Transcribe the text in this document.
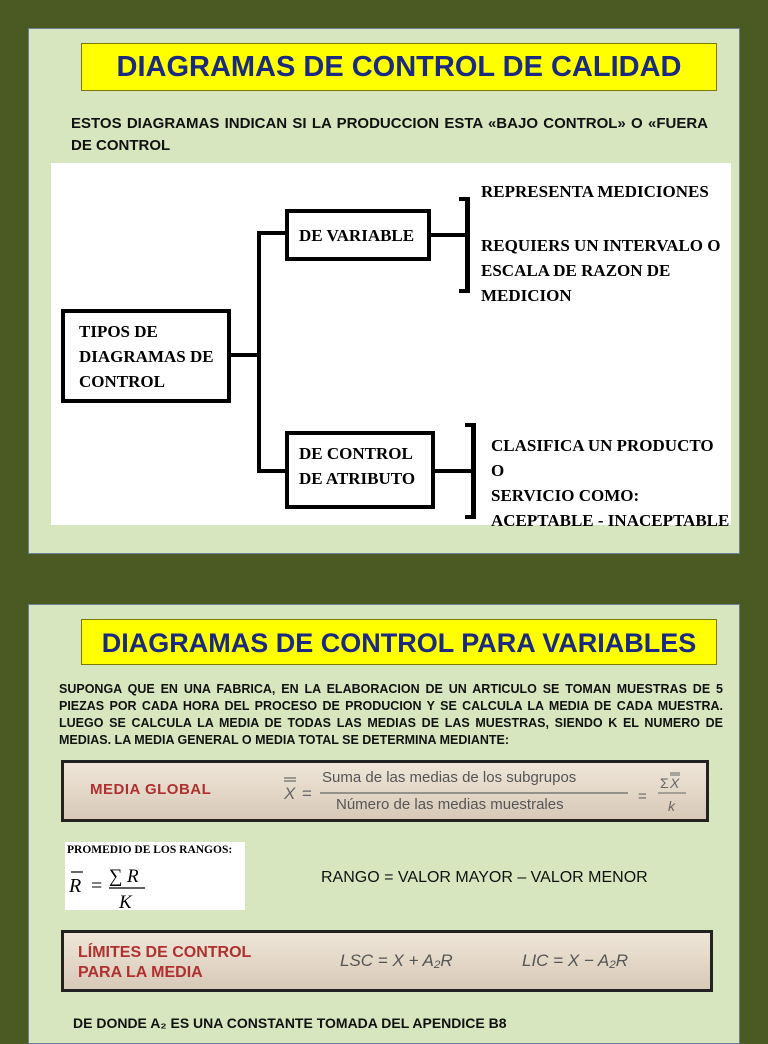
DIAGRAMAS DE CONTROL DE CALIDAD
ESTOS DIAGRAMAS INDICAN SI LA PRODUCCION ESTA «BAJO CONTROL» O «FUERA DE CONTROL
TIPOS DE
DIAGRAMAS DE
CONTROL
DE VARIABLE
REPRESENTA MEDICIONES
REQUIERS UN INTERVALO O
ESCALA DE RAZON DE
MEDICION
DE CONTROL
DE ATRIBUTO
CLASIFICA UN PRODUCTO O
SERVICIO COMO:
ACEPTABLE - INACEPTABLE
DIAGRAMAS DE CONTROL PARA VARIABLES
SUPONGA QUE EN UNA FABRICA, EN LA ELABORACION DE UN ARTICULO SE TOMAN MUESTRAS DE 5 PIEZAS POR CADA HORA DEL PROCESO DE PRODUCION Y SE CALCULA LA MEDIA DE CADA MUESTRA. LUEGO SE CALCULA LA MEDIA DE TODAS LAS MEDIAS DE LAS MUESTRAS, SIENDO K EL NUMERO DE MEDIAS. LA MEDIA GENERAL O MEDIA TOTAL SE DETERMINA MEDIANTE:
MEDIA GLOBAL	X =
Σ X
=
k
Suma de las medias de los subgrupos
Número de las medias muestrales
PROMEDIO DE LOS RANGOS:
R = ∑ R
K
RANGO = VALOR MAYOR – VALOR MENOR
LÍMITES DE CONTROL
PARA LA MEDIA
LSC = X + A₂R	LIC = X − A₂R
DE DONDE A₂ ES UNA CONSTANTE TOMADA DEL APENDICE B8
